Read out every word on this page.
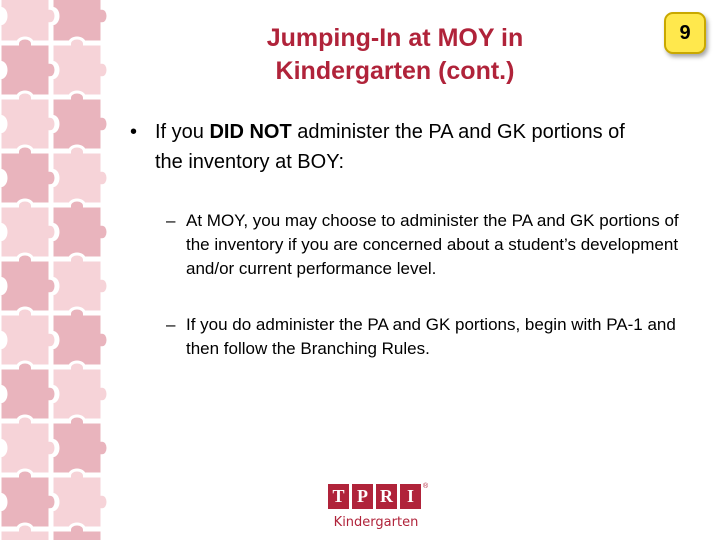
Jumping-In at MOY in
Kindergarten (cont.)
9
• If you DID NOT administer the PA and GK portions of the inventory at BOY:
– At MOY, you may choose to administer the PA and GK portions of the inventory if you are concerned about a student’s development and/or current performance level.
– If you do administer the PA and GK portions, begin with PA-1 and then follow the Branching Rules.
T P R I	®
Kindergarten
